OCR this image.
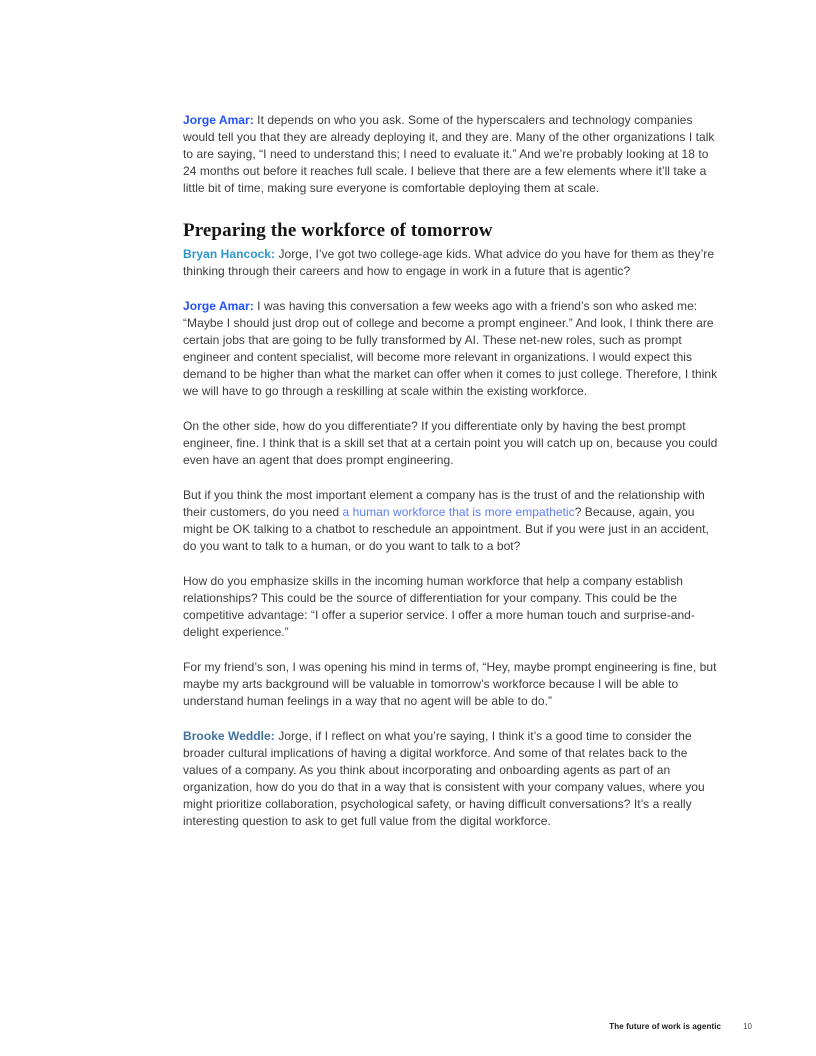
Jorge Amar: It depends on who you ask. Some of the hyperscalers and technology companies would tell you that they are already deploying it, and they are. Many of the other organizations I talk to are saying, “I need to understand this; I need to evaluate it.” And we’re probably looking at 18 to 24 months out before it reaches full scale. I believe that there are a few elements where it’ll take a little bit of time, making sure everyone is comfortable deploying them at scale.

Preparing the workforce of tomorrow

Bryan Hancock: Jorge, I’ve got two college-age kids. What advice do you have for them as they’re thinking through their careers and how to engage in work in a future that is agentic?

Jorge Amar: I was having this conversation a few weeks ago with a friend’s son who asked me: “Maybe I should just drop out of college and become a prompt engineer.” And look, I think there are certain jobs that are going to be fully transformed by AI. These net-new roles, such as prompt engineer and content specialist, will become more relevant in organizations. I would expect this demand to be higher than what the market can offer when it comes to just college. Therefore, I think we will have to go through a reskilling at scale within the existing workforce.

On the other side, how do you differentiate? If you differentiate only by having the best prompt engineer, fine. I think that is a skill set that at a certain point you will catch up on, because you could even have an agent that does prompt engineering.

But if you think the most important element a company has is the trust of and the relationship with their customers, do you need a human workforce that is more empathetic? Because, again, you might be OK talking to a chatbot to reschedule an appointment. But if you were just in an accident, do you want to talk to a human, or do you want to talk to a bot?

How do you emphasize skills in the incoming human workforce that help a company establish relationships? This could be the source of differentiation for your company. This could be the competitive advantage: “I offer a superior service. I offer a more human touch and surprise-and-delight experience.”

For my friend’s son, I was opening his mind in terms of, “Hey, maybe prompt engineering is fine, but maybe my arts background will be valuable in tomorrow’s workforce because I will be able to understand human feelings in a way that no agent will be able to do.”

Brooke Weddle: Jorge, if I reflect on what you’re saying, I think it’s a good time to consider the broader cultural implications of having a digital workforce. And some of that relates back to the values of a company. As you think about incorporating and onboarding agents as part of an organization, how do you do that in a way that is consistent with your company values, where you might prioritize collaboration, psychological safety, or having difficult conversations? It’s a really interesting question to ask to get full value from the digital workforce.

The future of work is agentic	10
